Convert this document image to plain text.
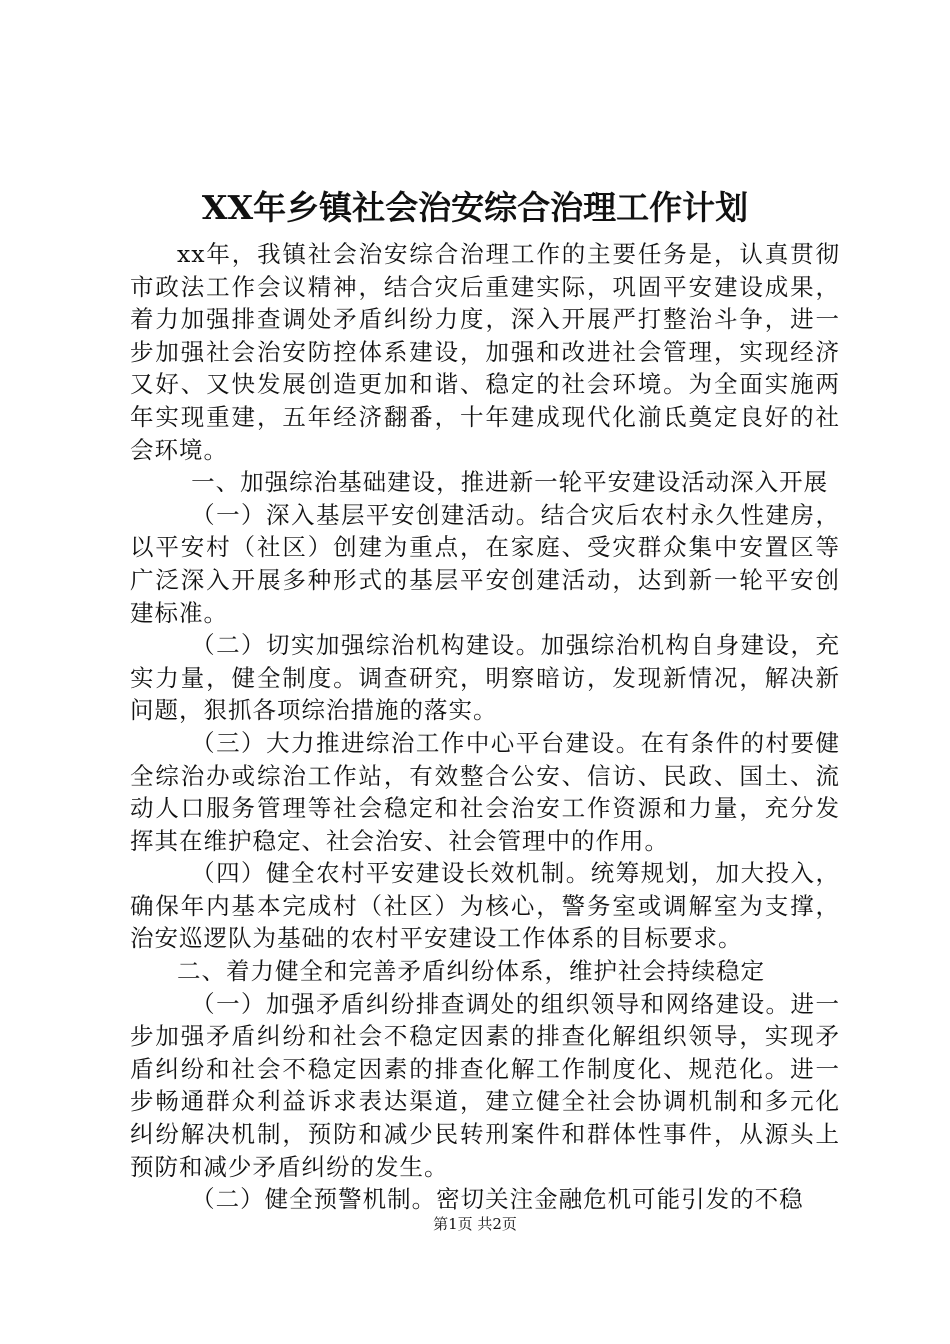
XX年乡镇社会治安综合治理工作计划

xx年，我镇社会治安综合治理工作的主要任务是，认真贯彻市政法工作会议精神，结合灾后重建实际，巩固平安建设成果，着力加强排查调处矛盾纠纷力度，深入开展严打整治斗争，进一步加强社会治安防控体系建设，加强和改进社会管理，实现经济又好、又快发展创造更加和谐、稳定的社会环境。为全面实施两年实现重建，五年经济翻番，十年建成现代化湔氐奠定良好的社会环境。

一、加强综治基础建设，推进新一轮平安建设活动深入开展

（一）深入基层平安创建活动。结合灾后农村永久性建房，以平安村（社区）创建为重点，在家庭、受灾群众集中安置区等广泛深入开展多种形式的基层平安创建活动，达到新一轮平安创建标准。

（二）切实加强综治机构建设。加强综治机构自身建设，充实力量，健全制度。调查研究，明察暗访，发现新情况，解决新问题，狠抓各项综治措施的落实。

（三）大力推进综治工作中心平台建设。在有条件的村要健全综治办或综治工作站，有效整合公安、信访、民政、国土、流动人口服务管理等社会稳定和社会治安工作资源和力量，充分发挥其在维护稳定、社会治安、社会管理中的作用。

（四）健全农村平安建设长效机制。统筹规划，加大投入，确保年内基本完成村（社区）为核心，警务室或调解室为支撑，治安巡逻队为基础的农村平安建设工作体系的目标要求。

二、着力健全和完善矛盾纠纷体系，维护社会持续稳定

（一）加强矛盾纠纷排查调处的组织领导和网络建设。进一步加强矛盾纠纷和社会不稳定因素的排查化解组织领导，实现矛盾纠纷和社会不稳定因素的排查化解工作制度化、规范化。进一步畅通群众利益诉求表达渠道，建立健全社会协调机制和多元化纠纷解决机制，预防和减少民转刑案件和群体性事件，从源头上预防和减少矛盾纠纷的发生。

（二）健全预警机制。密切关注金融危机可能引发的不稳

第1页 共2页
